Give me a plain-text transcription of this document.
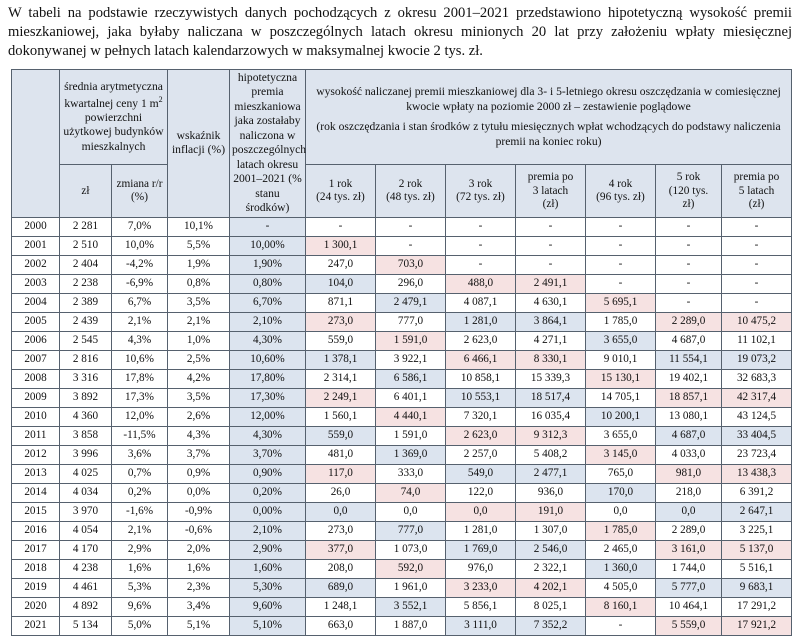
W tabeli na podstawie rzeczywistych danych pochodzących z okresu 2001–2021 przedstawiono hipotetyczną wysokość premii mieszkaniowej, jaka byłaby naliczana w poszczególnych latach okresu minionych 20 lat przy założeniu wpłaty miesięcznej dokonywanej w pełnych latach kalendarzowych w maksymalnej kwocie 2 tys. zł.
	średnia arytmetyczna kwartalnej ceny 1 $m^2$ powierzchni użytkowej budynków mieszkalnych		wskaźnik inflacji (%)	hipotetyczna premia mieszkaniowa jaka zostałaby naliczona w poszczególnych latach okresu 2001–2021 (% stanu środków)	wysokość naliczanej premii mieszkaniowej dla 3- i 5-letniego okresu oszczędzania w comiesięcznej kwocie wpłaty na poziomie 2000 zł – zestawienie poglądowe
(rok oszczędzania i stan środków z tytułu miesięcznych wpłat wchodzących do podstawy naliczenia premii na koniec roku)						

	zł	zmiana r/r (%)			1 rok
(24 tys. zł)	2 rok
(48 tys. zł)	3 rok
(72 tys. zł)	premia po
3 latach
(zł)	4 rok
(96 tys. zł)	5 rok
(120 tys.
zł)	premia po
5 latach
(zł)
2000	2 281	7,0%	10,1%	-	-	-	-	-	-	-	-
2001	2 510	10,0%	5,5%	10,00%	1 300,1	-	-	-	-	-	-
2002	2 404	-4,2%	1,9%	1,90%	247,0	703,0	-	-	-	-	-
2003	2 238	-6,9%	0,8%	0,80%	104,0	296,0	488,0	2 491,1	-	-	-
2004	2 389	6,7%	3,5%	6,70%	871,1	2 479,1	4 087,1	4 630,1	5 695,1	-	-
2005	2 439	2,1%	2,1%	2,10%	273,0	777,0	1 281,0	3 864,1	1 785,0	2 289,0	10 475,2
2006	2 545	4,3%	1,0%	4,30%	559,0	1 591,0	2 623,0	4 271,1	3 655,0	4 687,0	11 102,1
2007	2 816	10,6%	2,5%	10,60%	1 378,1	3 922,1	6 466,1	8 330,1	9 010,1	11 554,1	19 073,2
2008	3 316	17,8%	4,2%	17,80%	2 314,1	6 586,1	10 858,1	15 339,3	15 130,1	19 402,1	32 683,3
2009	3 892	17,3%	3,5%	17,30%	2 249,1	6 401,1	10 553,1	18 517,4	14 705,1	18 857,1	42 317,4
2010	4 360	12,0%	2,6%	12,00%	1 560,1	4 440,1	7 320,1	16 035,4	10 200,1	13 080,1	43 124,5
2011	3 858	-11,5%	4,3%	4,30%	559,0	1 591,0	2 623,0	9 312,3	3 655,0	4 687,0	33 404,5
2012	3 996	3,6%	3,7%	3,70%	481,0	1 369,0	2 257,0	5 408,2	3 145,0	4 033,0	23 723,4
2013	4 025	0,7%	0,9%	0,90%	117,0	333,0	549,0	2 477,1	765,0	981,0	13 438,3
2014	4 034	0,2%	0,0%	0,20%	26,0	74,0	122,0	936,0	170,0	218,0	6 391,2
2015	3 970	-1,6%	-0,9%	0,00%	0,0	0,0	0,0	191,0	0,0	0,0	2 647,1
2016	4 054	2,1%	-0,6%	2,10%	273,0	777,0	1 281,0	1 307,0	1 785,0	2 289,0	3 225,1
2017	4 170	2,9%	2,0%	2,90%	377,0	1 073,0	1 769,0	2 546,0	2 465,0	3 161,0	5 137,0
2018	4 238	1,6%	1,6%	1,60%	208,0	592,0	976,0	2 322,1	1 360,0	1 744,0	5 516,1
2019	4 461	5,3%	2,3%	5,30%	689,0	1 961,0	3 233,0	4 202,1	4 505,0	5 777,0	9 683,1
2020	4 892	9,6%	3,4%	9,60%	1 248,1	3 552,1	5 856,1	8 025,1	8 160,1	10 464,1	17 291,2
2021	5 134	5,0%	5,1%	5,10%	663,0	1 887,0	3 111,0	7 352,2	-	5 559,0	17 921,2
